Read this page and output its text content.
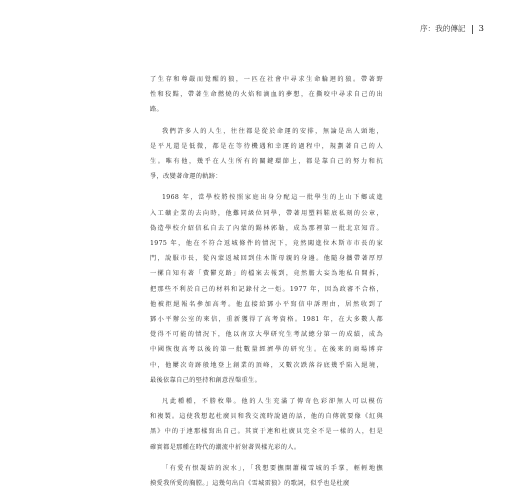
序：我的傳記 3
了生存和尊嚴而覺醒的狼，一匹在社會中尋求生命輪迴的狼。帶著野
性和狡黠，帶著生命燃燒的火焰和滴血的夢想，在撕咬中尋求自己的出
路。
我們許多人的人生，往往都是從於命運的安排，無論是出人頭地，
是平凡還是低微，都是在等待機遇和幸運的過程中，規劃著自己的人
生。唯有他，幾乎在人生所有的關鍵環節上，都是靠自己的努力和抗
爭，改變著命運的軌跡：
1968 年，當學校將按照家庭出身分配這一批學生的上山下鄉或進
入工礦企業的去向時，他難同級位同學，帶著用塑料鞋底私刻的公章，
偽造學校介紹信私自去了內蒙的錫林郭勒，成為那裡第一批北京知青。
1975 年，他在不符合返城條件的情況下，竟然闖進位木斯市市長的家
門，說服市長，從內蒙返城回到佳木斯母親的身邊。他隨身攜帶著厚厚
一摞自知有著「費鬱克路」的檔案去報到，竟然膽大妄為地私自開拆，
把那些不利於自己的材料和記錄付之一炬。1977 年，因為政審不合格，
他被拒絕報名參加高考。他直接給鄧小平寫信申訴理由，居然收到了
鄧小平辦公室的來信，重新獲得了高考資格。1981 年，在大多數人都
覺得不可能的情況下，他以南京大學研究生考試總分第一的成績，成為
中國恢復高考以後的第一批數量經濟學的研究生。在後來的商場博弈
中，他屢次奇跡般地登上創業的頂峰，又數次跌落谷底幾乎陷入絕境，
最後依靠自己的堅持和創意涅槃重生。
凡此種種，不勝枚舉。他的人生充滿了傳奇色彩卻無人可以模仿
和複製。這使我想起杜廣貝和我交流時說過的話，他的自傳就要像《紅與
黑》中的于連那樣寫出自己。其實于連和杜廣貝完全不是一樣的人，但是
確實都是那種在時代的潮流中折射著異樣光彩的人。
「有愛有恨凝結的淚水」，「我想要撫開蕭橫雪城的手掌，輕輕地撫
摸愛我所愛的胸膛。」這幾句出自《雪城雷狼》的歌詞，似乎也是杜廣
